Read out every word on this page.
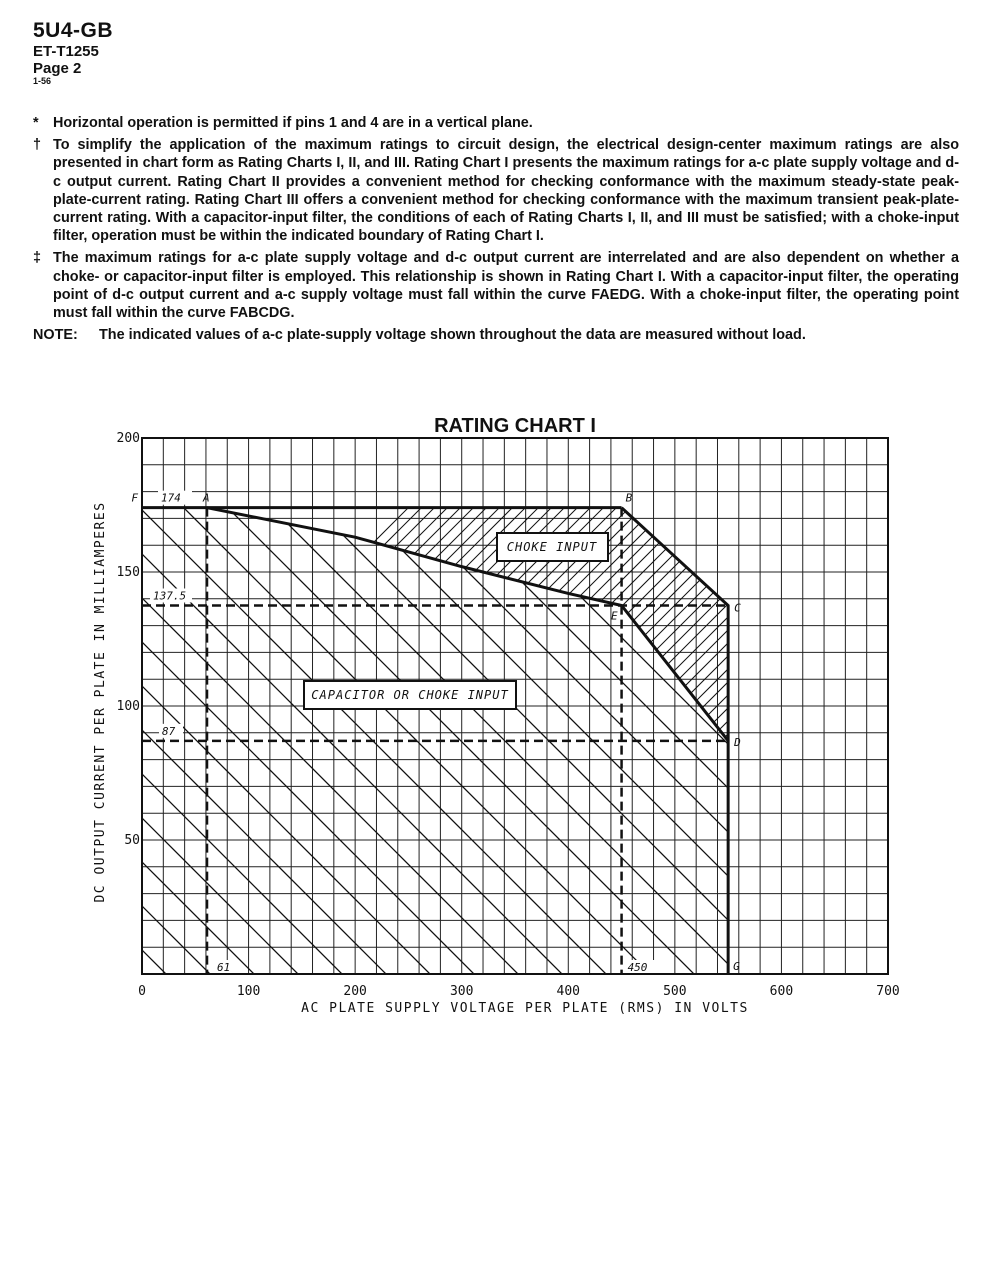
5U4-GB
ET-T1255
Page 2
1-56
* Horizontal operation is permitted if pins 1 and 4 are in a vertical plane.
† To simplify the application of the maximum ratings to circuit design, the electrical design-center maximum ratings are also presented in chart form as Rating Charts I, II, and III. Rating Chart I presents the maximum ratings for a-c plate supply voltage and d-c output current. Rating Chart II provides a convenient method for checking conformance with the maximum steady-state peak-plate-current rating. Rating Chart III offers a convenient method for checking conformance with the maximum transient peak-plate-current rating. With a capacitor-input filter, the conditions of each of Rating Charts I, II, and III must be satisfied; with a choke-input filter, operation must be within the indicated boundary of Rating Chart I.
‡ The maximum ratings for a-c plate supply voltage and d-c output current are interrelated and are also dependent on whether a choke- or capacitor-input filter is employed. This relationship is shown in Rating Chart I. With a capacitor-input filter, the operating point of d-c output current and a-c supply voltage must fall within the curve FAEDG. With a choke-input filter, the operating point must fall within the curve FABCDG.
NOTE: The indicated values of a-c plate-supply voltage shown throughout the data are measured without load.
0	100	200	300	400	500	600	700
50
100
150
200
F	A	B
C
D
E
G
174
137.5
87
61	450
RATING CHART I
AC PLATE SUPPLY VOLTAGE PER PLATE (RMS) IN VOLTS
DC OUTPUT CURRENT PER PLATE IN MILLIAMPERES	CHOKE INPUT
CAPACITOR OR CHOKE INPUT
